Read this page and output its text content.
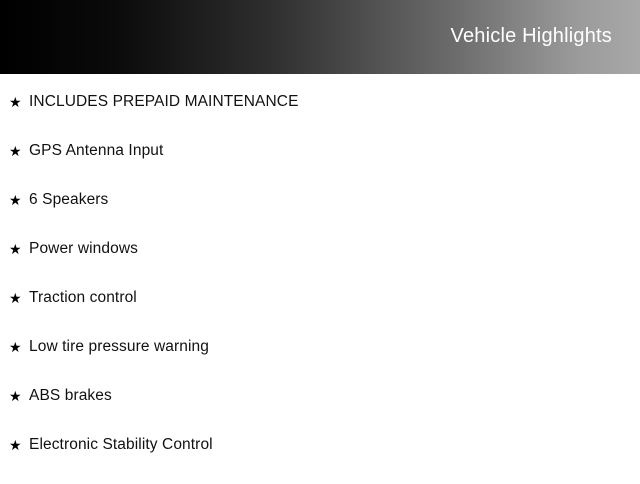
Vehicle Highlights
★ INCLUDES PREPAID MAINTENANCE
★ GPS Antenna Input
★ 6 Speakers
★ Power windows
★ Traction control
★ Low tire pressure warning
★ ABS brakes
★ Electronic Stability Control
